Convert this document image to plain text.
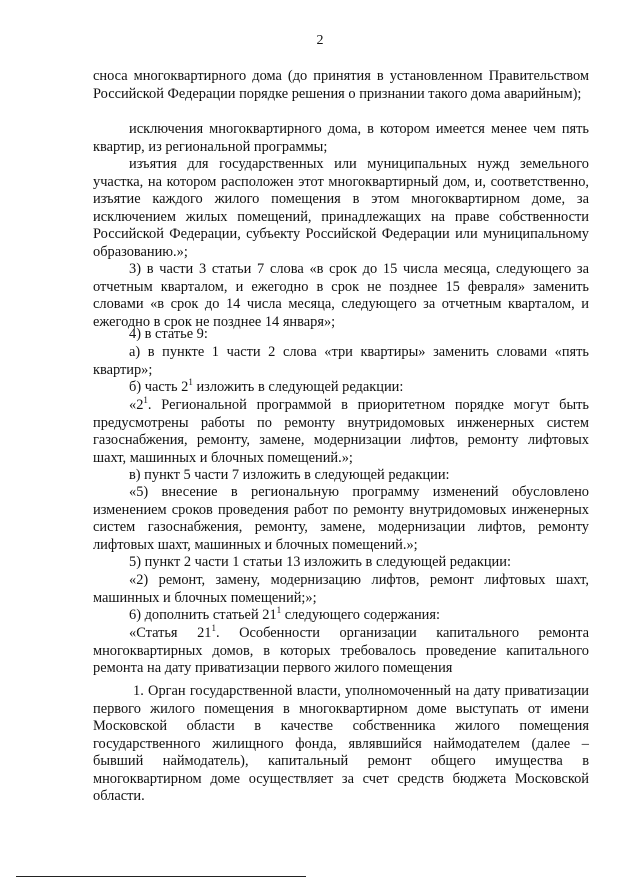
2

сноса многоквартирного дома (до принятия в установленном Правительством Российской Федерации порядке решения о признании такого дома аварийным);

исключения многоквартирного дома, в котором имеется менее чем пять квартир, из региональной программы;

изъятия для государственных или муниципальных нужд земельного участка, на котором расположен этот многоквартирный дом, и, соответственно, изъятие каждого жилого помещения в этом многоквартирном доме, за исключением жилых помещений, принадлежащих на праве собственности Российской Федерации, субъекту Российской Федерации или муниципальному образованию.»;

3) в части 3 статьи 7 слова «в срок до 15 числа месяца, следующего за отчетным кварталом, и ежегодно в срок не позднее 15 февраля» заменить словами «в срок до 14 числа месяца, следующего за отчетным кварталом, и ежегодно в срок не позднее 14 января»;

4) в статье 9:

а) в пункте 1 части 2 слова «три квартиры» заменить словами «пять квартир»;

б) часть $2^1$ изложить в следующей редакции:

«$2^1$. Региональной программой в приоритетном порядке могут быть предусмотрены работы по ремонту внутридомовых инженерных систем газоснабжения, ремонту, замене, модернизации лифтов, ремонту лифтовых шахт, машинных и блочных помещений.»;

в) пункт 5 части 7 изложить в следующей редакции:

«5) внесение в региональную программу изменений обусловлено изменением сроков проведения работ по ремонту внутридомовых инженерных систем газоснабжения, ремонту, замене, модернизации лифтов, ремонту лифтовых шахт, машинных и блочных помещений.»;

5) пункт 2 части 1 статьи 13 изложить в следующей редакции:

«2) ремонт, замену, модернизацию лифтов, ремонт лифтовых шахт, машинных и блочных помещений;»;

6) дополнить статьей $21^1$ следующего содержания:

«Статья $21^1$. Особенности организации капитального ремонта многоквартирных домов, в которых требовалось проведение капитального ремонта на дату приватизации первого жилого помещения

1. Орган государственной власти, уполномоченный на дату приватизации первого жилого помещения в многоквартирном доме выступать от имени Московской области в качестве собственника жилого помещения государственного жилищного фонда, являвшийся наймодателем (далее – бывший наймодатель), капитальный ремонт общего имущества в многоквартирном доме осуществляет за счет средств бюджета Московской области.
